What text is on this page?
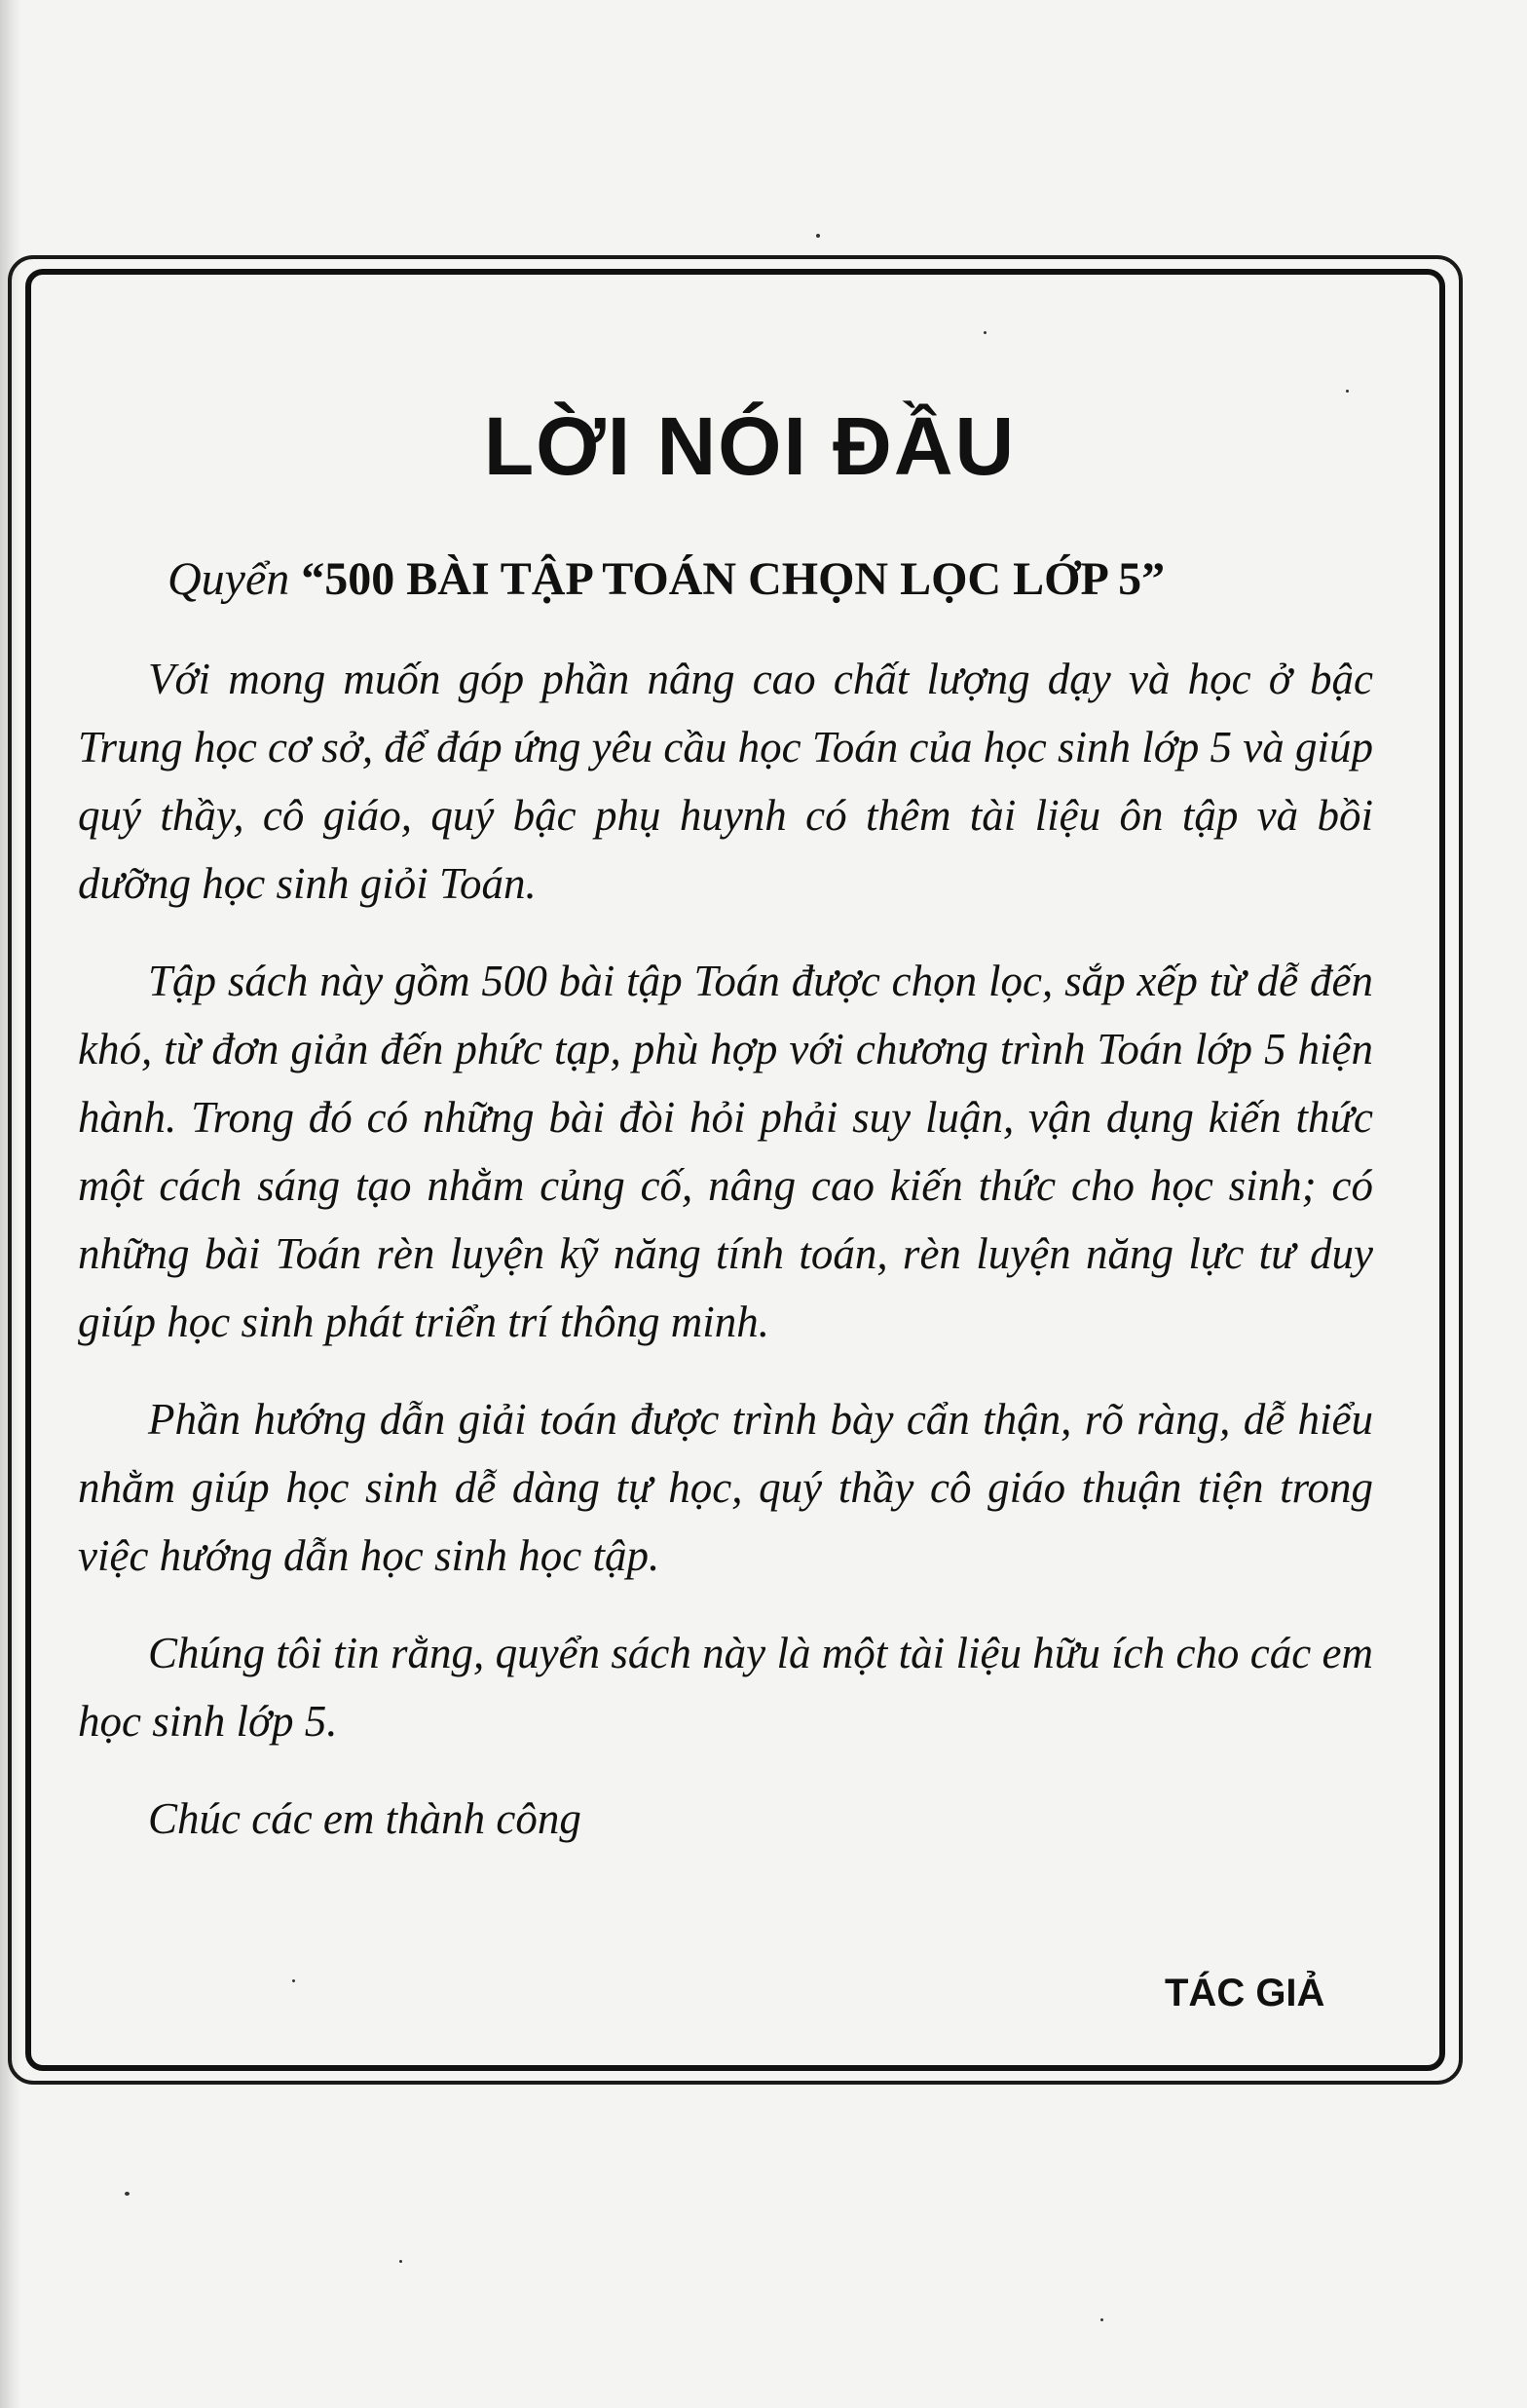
LỜI NÓI ĐẦU
Quyển “500 BÀI TẬP TOÁN CHỌN LỌC LỚP 5”

Với mong muốn góp phần nâng cao chất lượng dạy và học ở bậc Trung học cơ sở, để đáp ứng yêu cầu học Toán của học sinh lớp 5 và giúp quý thầy, cô giáo, quý bậc phụ huynh có thêm tài liệu ôn tập và bồi dưỡng học sinh giỏi Toán.

Tập sách này gồm 500 bài tập Toán được chọn lọc, sắp xếp từ dễ đến khó, từ đơn giản đến phức tạp, phù hợp với chương trình Toán lớp 5 hiện hành. Trong đó có những bài đòi hỏi phải suy luận, vận dụng kiến thức một cách sáng tạo nhằm củng cố, nâng cao kiến thức cho học sinh; có những bài Toán rèn luyện kỹ năng tính toán, rèn luyện năng lực tư duy giúp học sinh phát triển trí thông minh.

Phần hướng dẫn giải toán được trình bày cẩn thận, rõ ràng, dễ hiểu nhằm giúp học sinh dễ dàng tự học, quý thầy cô giáo thuận tiện trong việc hướng dẫn học sinh học tập.

Chúng tôi tin rằng, quyển sách này là một tài liệu hữu ích cho các em học sinh lớp 5.

Chúc các em thành công

TÁC GIẢ
